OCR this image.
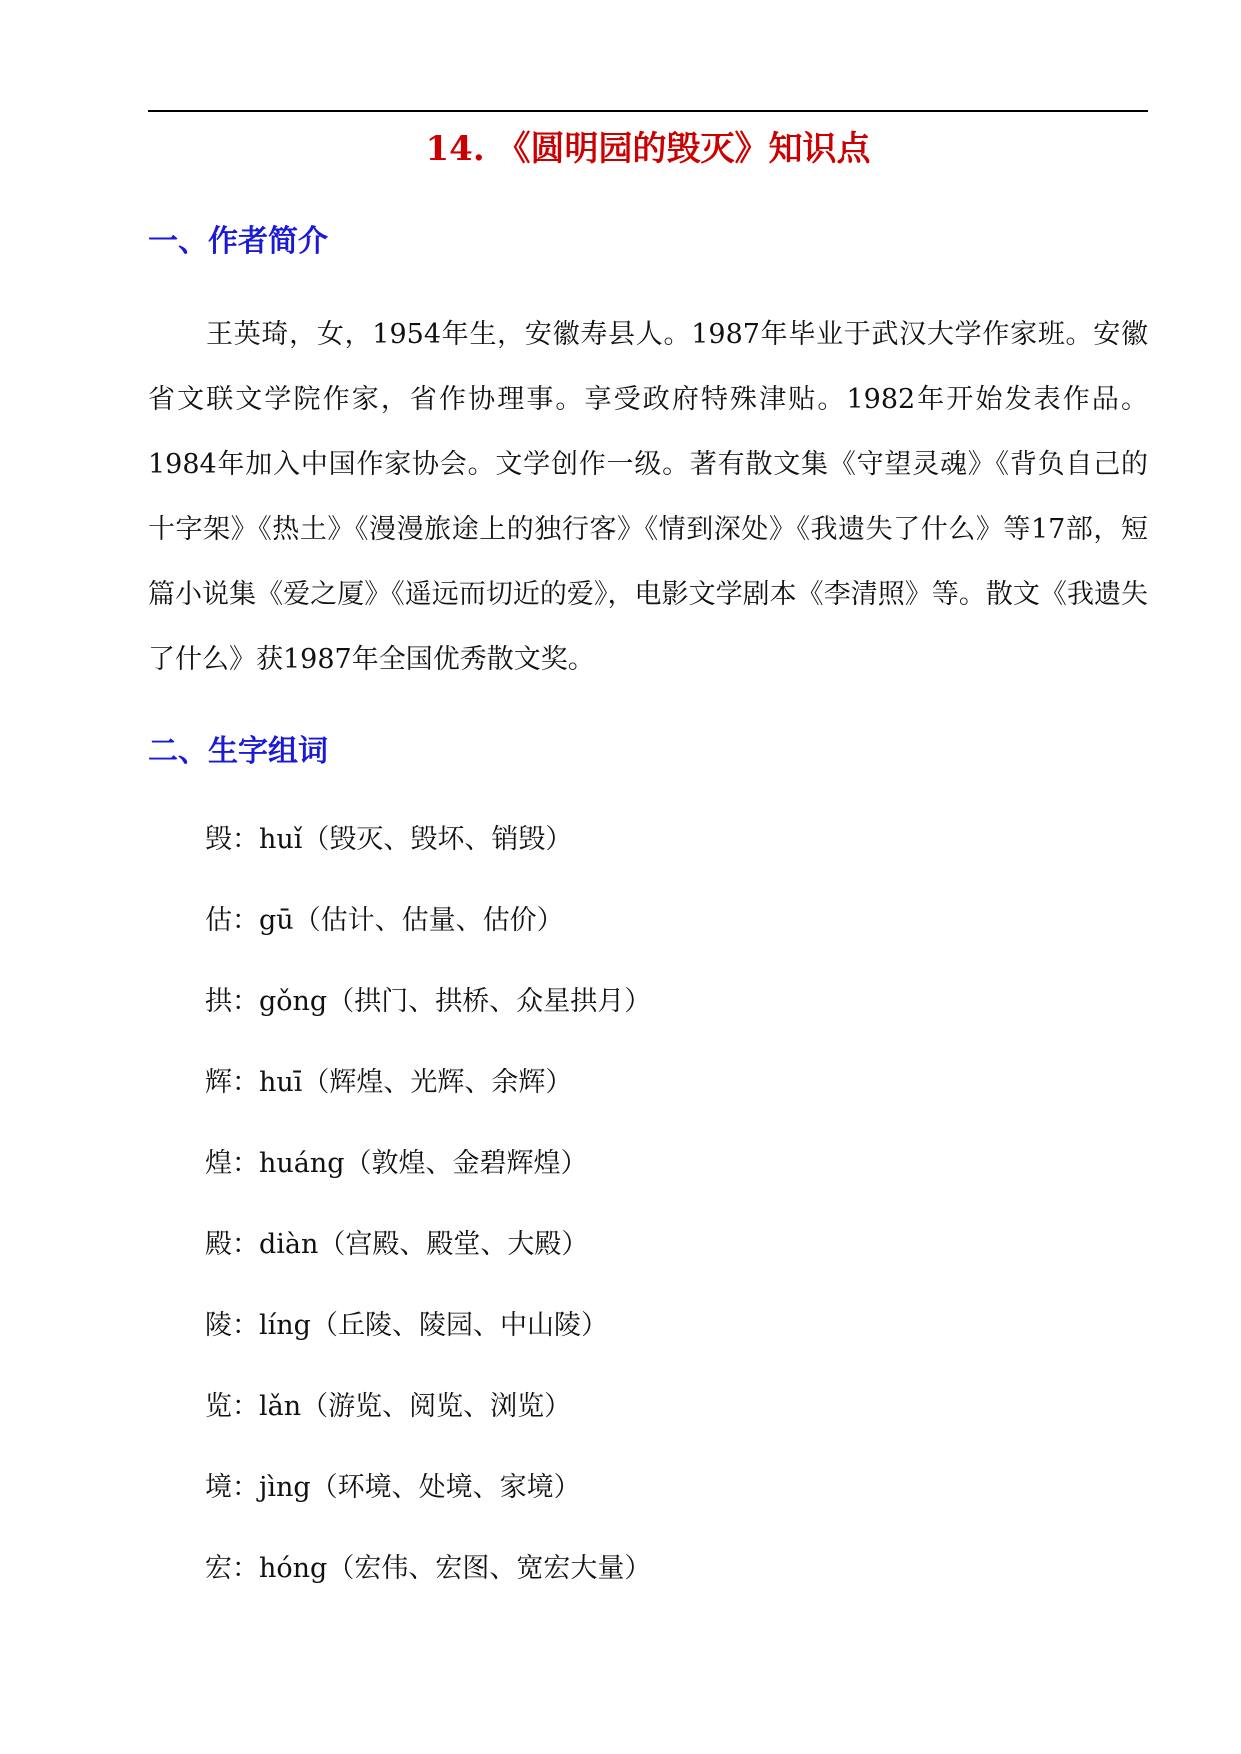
14. 《圆明园的毁灭》知识点
一、作者简介

王英琦，女，1954年生，安徽寿县人。1987年毕业于武汉大学作家班。安徽省文联文学院作家，省作协理事。享受政府特殊津贴。1982年开始发表作品。1984年加入中国作家协会。文学创作一级。著有散文集《守望灵魂》《背负自己的十字架》《热土》《漫漫旅途上的独行客》《情到深处》《我遗失了什么》等17部，短篇小说集《爱之厦》《遥远而切近的爱》，电影文学剧本《李清照》等。散文《我遗失了什么》获1987年全国优秀散文奖。

二、生字组词
毁：huǐ（毁灭、毁坏、销毁）
估：gū（估计、估量、估价）
拱：gǒng（拱门、拱桥、众星拱月）
辉：huī（辉煌、光辉、余辉）
煌：huáng（敦煌、金碧辉煌）
殿：diàn（宫殿、殿堂、大殿）
陵：líng（丘陵、陵园、中山陵）
览：lǎn（游览、阅览、浏览）
境：jìng（环境、处境、家境）
宏：hóng（宏伟、宏图、宽宏大量）
